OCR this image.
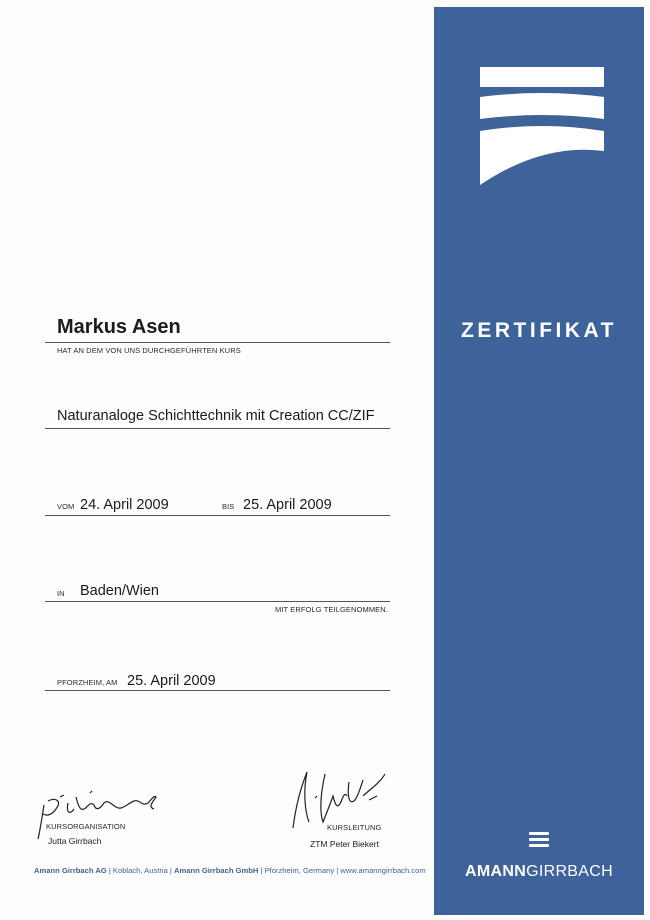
Markus Asen
HAT AN DEM VON UNS DURCHGEFÜHRTEN KURS
Naturanaloge Schichttechnik mit Creation CC/ZIF
VOM 24. April 2009	BIS 25. April 2009
IN Baden/Wien
MIT ERFOLG TEILGENOMMEN.
PFORZHEIM, AM 25. April 2009
KURSORGANISATION
Jutta Girrbach
KURSLEITUNG
ZTM Peter Biekert
Amann Girrbach AG | Koblach, Austria | Amann Girrbach GmbH | Pforzheim, Germany | www.amanngirrbach.com
ZERTIFIKAT
AMANNGIRRBACH
